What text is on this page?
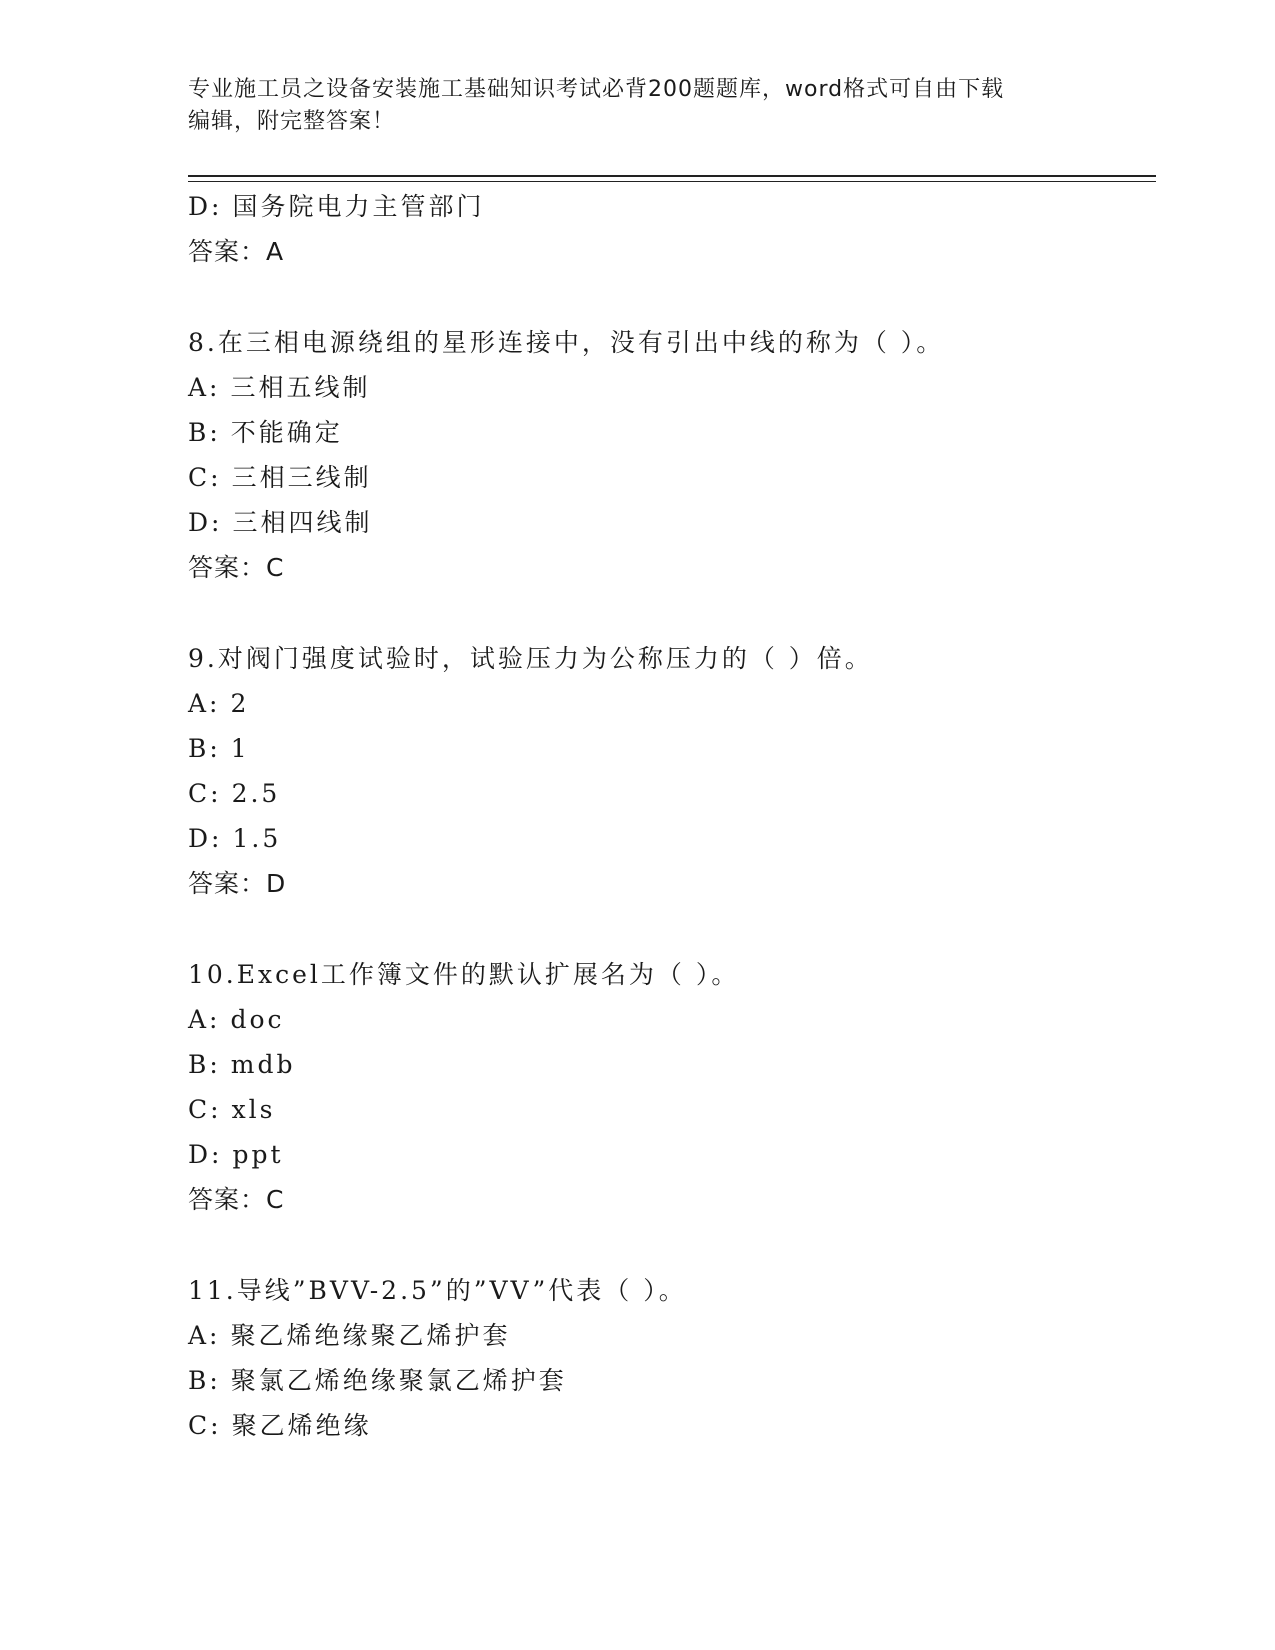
专业施工员之设备安装施工基础知识考试必背200题题库，word格式可自由下载
编辑，附完整答案！
D: 国务院电力主管部门
答案：A
8.在三相电源绕组的星形连接中，没有引出中线的称为（ ）。
A: 三相五线制
B: 不能确定
C: 三相三线制
D: 三相四线制
答案：C
9.对阀门强度试验时，试验压力为公称压力的（ ）倍。
A: 2
B: 1
C: 2.5
D: 1.5
答案：D
10.Excel工作簿文件的默认扩展名为（ ）。
A: doc
B: mdb
C: xls
D: ppt
答案：C
11.导线”BVV-2.5”的”VV”代表（ ）。
A: 聚乙烯绝缘聚乙烯护套
B: 聚氯乙烯绝缘聚氯乙烯护套
C: 聚乙烯绝缘
